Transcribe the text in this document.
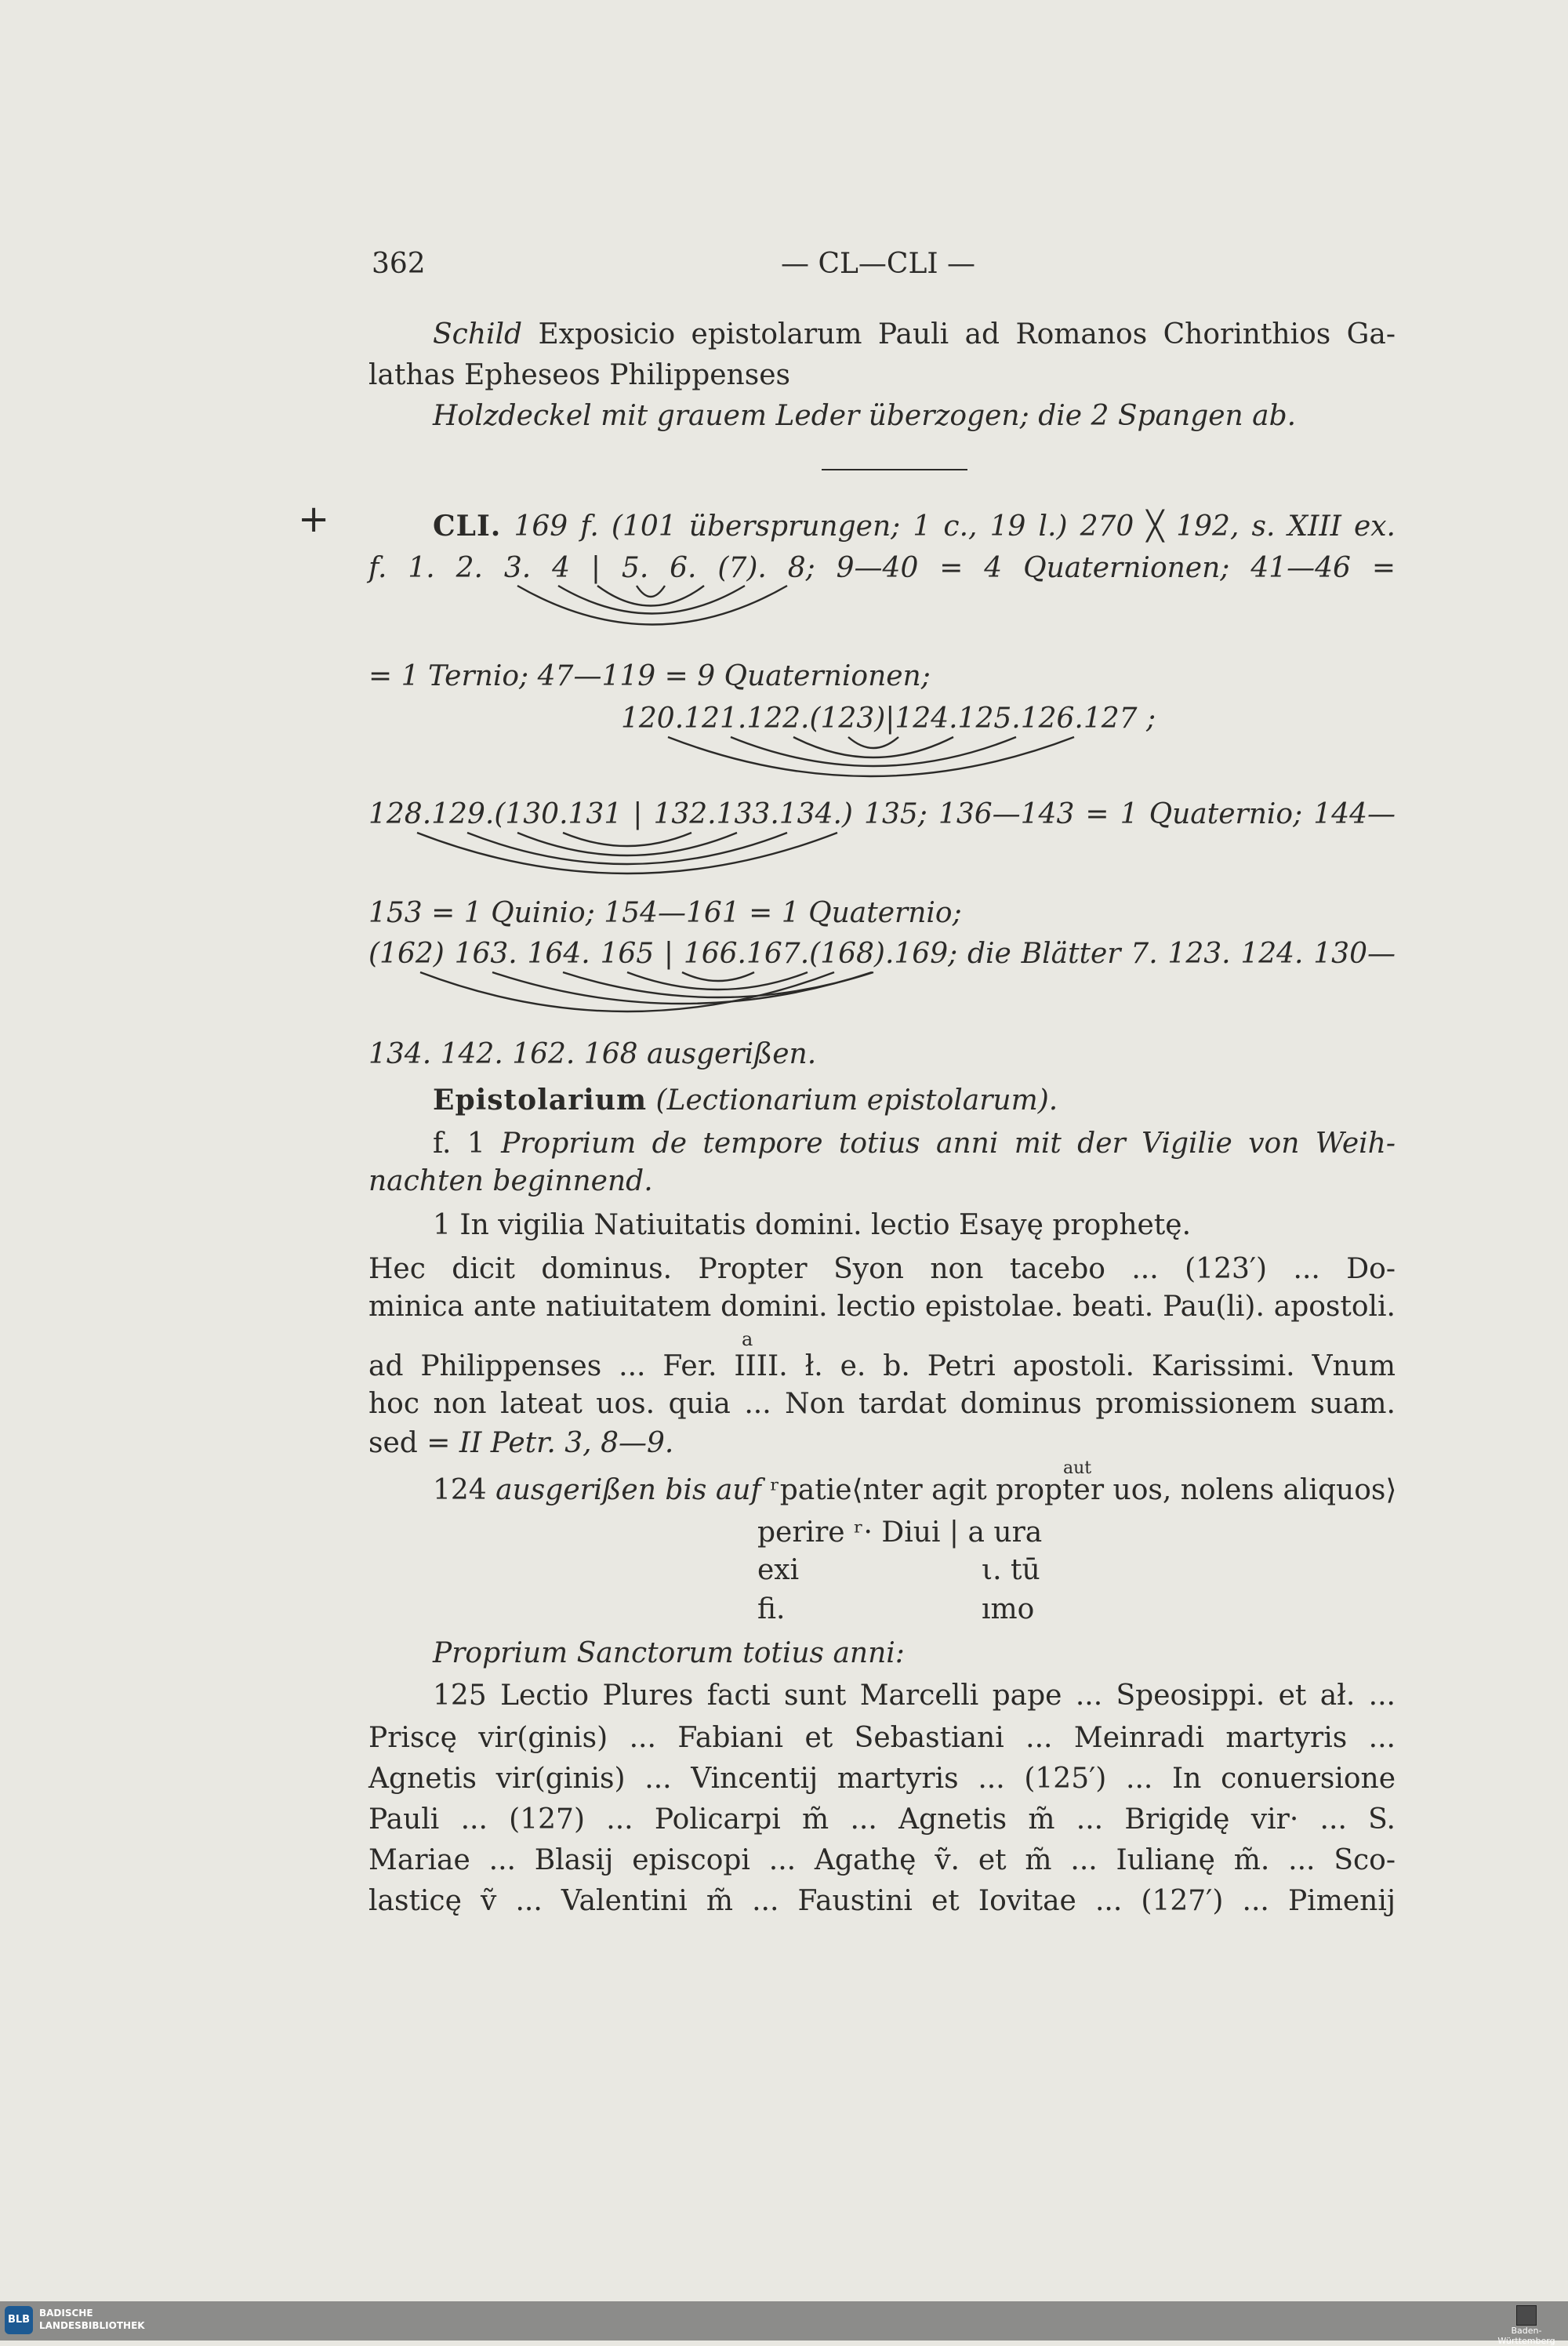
362	— CL—CLI —
Schild Exposicio epistolarum Pauli ad Romanos Chorinthios Ga-
lathas Epheseos Philippenses
Holzdeckel mit grauem Leder überzogen; die 2 Spangen ab.
+	CLI. 169 f. (101 übersprungen; 1 c., 19 l.) 270 ╳ 192, s. XIII ex.
f. 1. 2. 3. 4 | 5. 6. (7). 8; 9—40 = 4 Quaternionen; 41—46 =
= 1 Ternio; 47—119 = 9 Quaternionen;
120.121.122.(123)|124.125.126.127 ;
128.129.(130.131 | 132.133.134.) 135; 136—143 = 1 Quaternio; 144—
153 = 1 Quinio; 154—161 = 1 Quaternio;
(162) 163. 164. 165 | 166.167.(168).169; die Blätter 7. 123. 124. 130—
134. 142. 162. 168 ausgerißen.
Epistolarium (Lectionarium epistolarum).
f. 1 Proprium de tempore totius anni mit der Vigilie von Weih-
nachten beginnend.
1 In vigilia Natiuitatis domini. lectio Esayę prophetę.
Hec dicit dominus. Propter Syon non tacebo ... (123′) ... Do-
minica ante natiuitatem domini. lectio epistolae. beati. Pau(li). apostoli.
a
ad Philippenses ... Fer. IIII. ł. e. b. Petri apostoli. Karissimi. Vnum
hoc non lateat uos. quia ... Non tardat dominus promissionem suam.
sed = II Petr. 3, 8—9.
124 ausgerißen bis auf ʳpatie⟨nter agit propter uos, nolens aliquos⟩
aut
perire ʳ· Diui | a ura
exi	ι. tū
fi.	ımo
Proprium Sanctorum totius anni:
125 Lectio Plures facti sunt Marcelli pape ... Speosippi. et ał. ...
Priscę vir(ginis) ... Fabiani et Sebastiani ... Meinradi martyris ...
Agnetis vir(ginis) ... Vincentij martyris ... (125′) ... In conuersione
Pauli ... (127) ... Policarpi m̃ ... Agnetis m̃ ... Brigidę vir· ... S.
Mariae ... Blasij episcopi ... Agathę ṽ. et m̃ ... Iulianę m̃. ... Sco-
lasticę ṽ ... Valentini m̃ ... Faustini et Iovitae ... (127′) ... Pimenij
BLB
BADISCHE
LANDESBIBLIOTHEK	Baden-Württemberg
